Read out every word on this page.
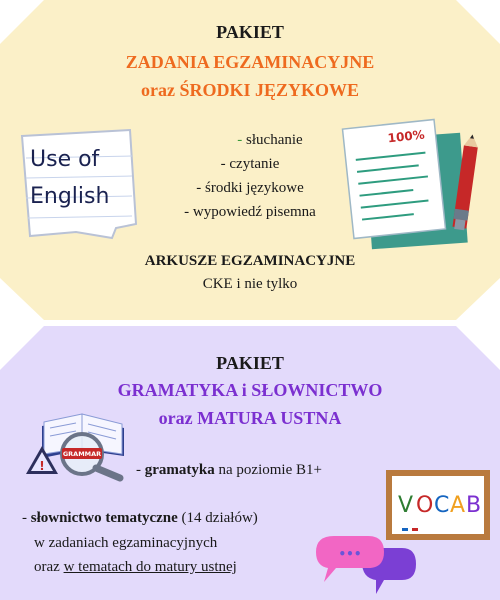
PAKIET
ZADANIA EGZAMINACYJNE
oraz ŚRODKI JĘZYKOWE
- słuchanie
- czytanie
- środki językowe
- wypowiedź pisemna
ARKUSZE EGZAMINACYJNE
CKE i nie tylko
Use of
English
100%
PAKIET
GRAMATYKA i SŁOWNICTWO
oraz MATURA USTNA
- gramatyka na poziomie B1+
- słownictwo tematyczne (14 działów)
w zadaniach egzaminacyjnych
oraz w tematach do matury ustnej
GRAMMAR
!
V O C A B
•••
